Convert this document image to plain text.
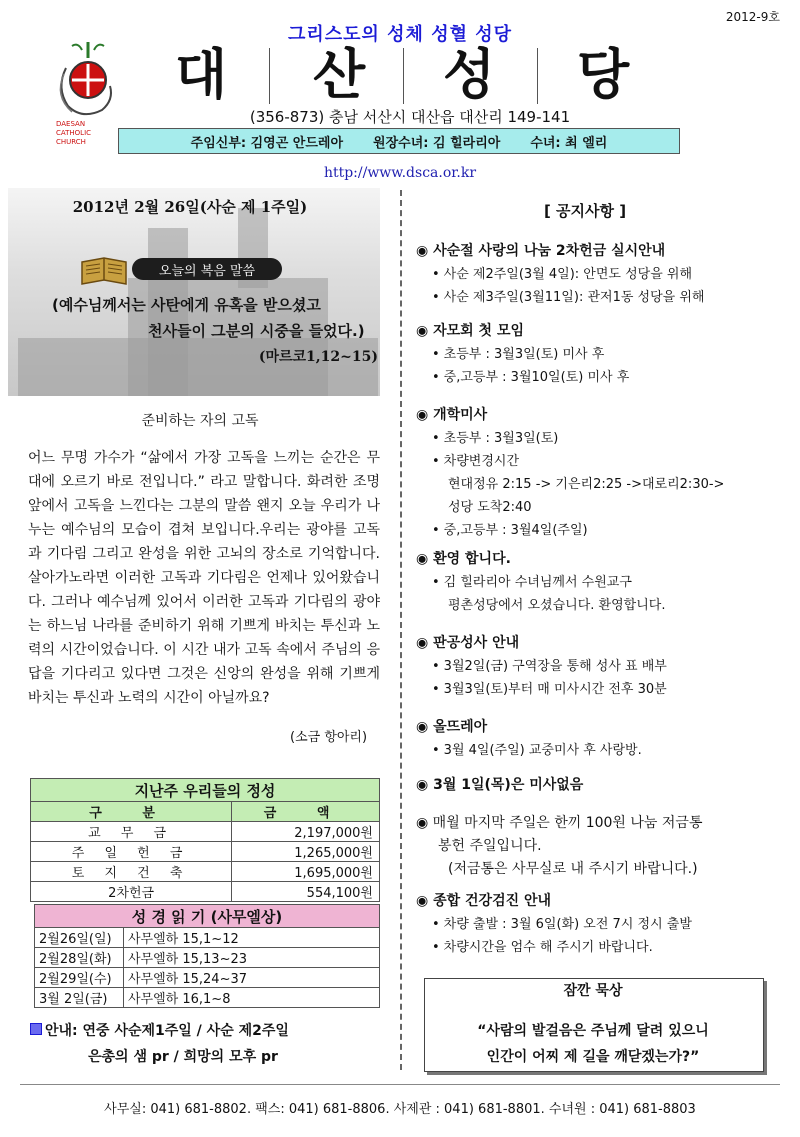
2012-9호
그리스도의 성체 성혈 성당
DAESAN
CATHOLIC
CHURCH
대 산 성 당
(356-873) 충남 서산시 대산읍 대산리 149-141
주임신부: 김영곤 안드레아 원장수녀: 김 힐라리아 수녀: 최 엘리
http://www.dsca.or.kr
2012년 2월 26일(사순 제 1주일)
오늘의 복음 말씀
(예수님께서는 사탄에게 유혹을 받으셨고
천사들이 그분의 시중을 들었다.)
(마르코1,12~15)
준비하는 자의 고독
어느 무명 가수가 “삶에서 가장 고독을 느끼는 순간은 무대에 오르기 바로 전입니다.” 라고 말합니다. 화려한 조명 앞에서 고독을 느낀다는 그분의 말씀 왠지 오늘 우리가 나누는 예수님의 모습이 겹쳐 보입니다.우리는 광야를 고독과 기다림 그리고 완성을 위한 고뇌의 장소로 기억합니다. 살아가노라면 이러한 고독과 기다림은 언제나 있어왔습니다. 그러나 예수님께 있어서 이러한 고독과 기다림의 광야는 하느님 나라를 준비하기 위해 기쁘게 바치는 투신과 노력의 시간이었습니다. 이 시간 내가 고독 속에서 주님의 응답을 기다리고 있다면 그것은 신앙의 완성을 위해 기쁘게 바치는 투신과 노력의 시간이 아닐까요?
(소금 항아리)
지난주 우리들의 정성	
구 분	금 액
교 무 금	2,197,000원
주 일 헌 금	1,265,000원
토 지 건 축	1,695,000원
2차헌금	554,100원
성 경 읽 기 (사무엘상)	
2월26일(일)	사무엘하 15,1~12
2월28일(화)	사무엘하 15,13~23
2월29일(수)	사무엘하 15,24~37
3월 2일(금)	사무엘하 16,1~8
안내: 연중 사순제1주일 / 사순 제2주일
은총의 샘 pr / 희망의 모후 pr
[ 공지사항 ]
◉ 사순절 사랑의 나눔 2차헌금 실시안내
• 사순 제2주일(3월 4일): 안면도 성당을 위해
• 사순 제3주일(3월11일): 관저1동 성당을 위해
◉ 자모회 첫 모임
• 초등부 : 3월3일(토) 미사 후
• 중,고등부 : 3월10일(토) 미사 후
◉ 개학미사
• 초등부 : 3월3일(토)
• 차량변경시간
현대정유 2:15 -> 기은리2:25 ->대로리2:30->
성당 도착2:40
• 중,고등부 : 3월4일(주일)
◉ 환영 합니다.
• 김 힐라리아 수녀님께서 수원교구
평촌성당에서 오셨습니다. 환영합니다.
◉ 판공성사 안내
• 3월2일(금) 구역장을 통해 성사 표 배부
• 3월3일(토)부터 매 미사시간 전후 30분
◉ 올뜨레아
• 3월 4일(주일) 교중미사 후 사랑방.
◉ 3월 1일(목)은 미사없음
◉ 매월 마지막 주일은 한끼 100원 나눔 저금통
봉헌 주일입니다.
(저금통은 사무실로 내 주시기 바랍니다.)
◉ 종합 건강검진 안내
• 차량 출발 : 3월 6일(화) 오전 7시 정시 출발
• 차량시간을 엄수 해 주시기 바랍니다.
잠깐 묵상
“사람의 발걸음은 주님께 달려 있으니
인간이 어찌 제 길을 깨닫겠는가?”
사무실: 041) 681-8802. 팩스: 041) 681-8806. 사제관 : 041) 681-8801. 수녀원 : 041) 681-8803
